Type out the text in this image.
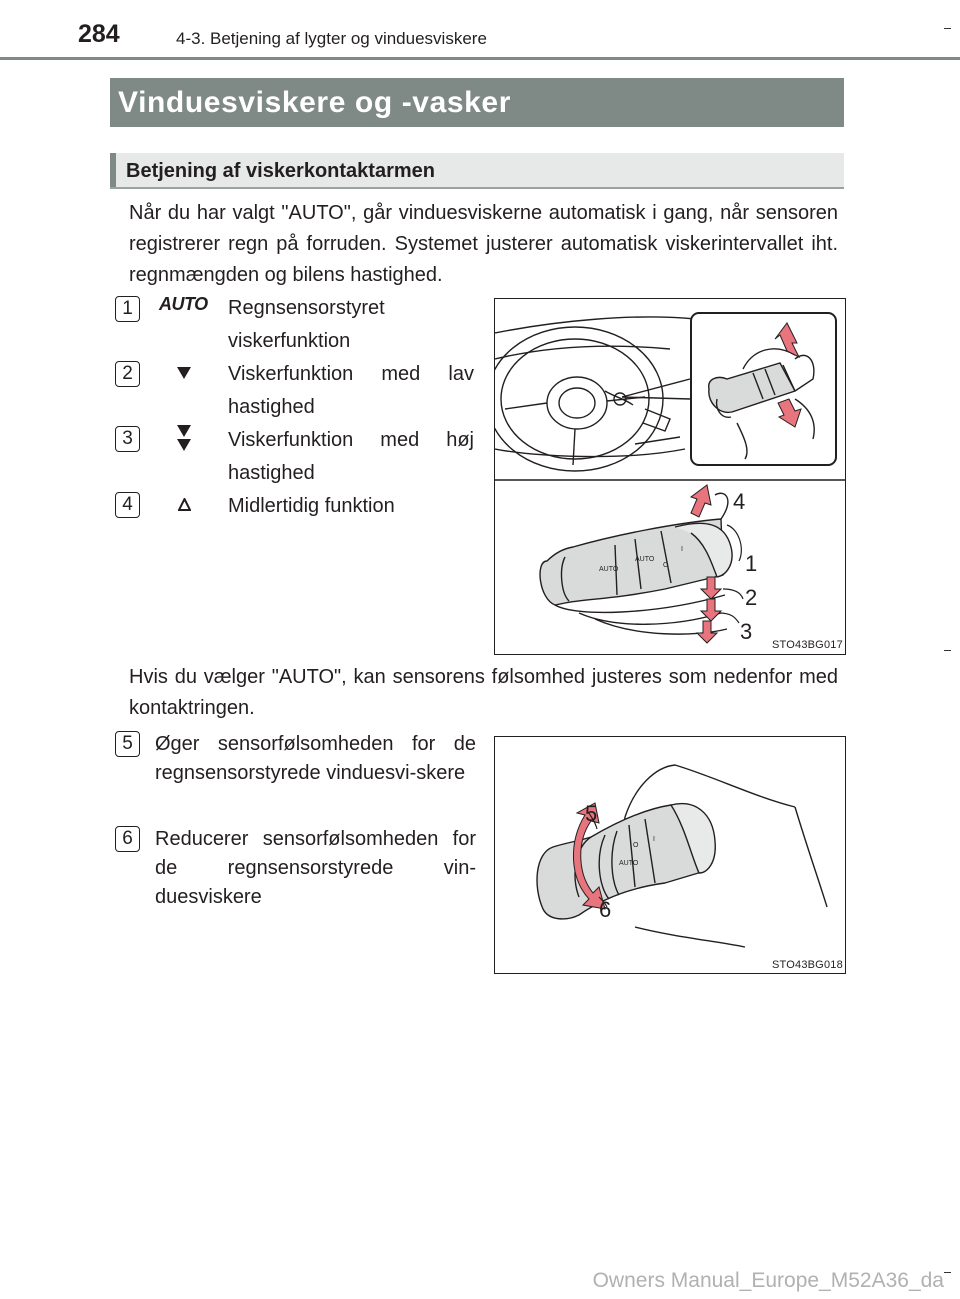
284	4-3. Betjening af lygter og vinduesviskere
Vinduesviskere og -vasker
Betjening af viskerkontaktarmen
Når du har valgt "AUTO", går vinduesviskerne automatisk i gang, når sensoren registrerer regn på forruden. Systemet justerer automatisk viskerintervallet iht. regnmængden og bilens hastighed.
1	AUTO Regnsensorstyret viskerfunktion
2	Viskerfunktion med lav hastighed
3	Viskerfunktion med høj hastighed
4	Midlertidig funktion
AUTO
AUTO
O
I
4
1
2
3
STO43BG017
Hvis du vælger "AUTO", kan sensorens følsomhed justeres som nedenfor med kontaktringen.
5	Øger sensorfølsomheden for de regnsensorstyrede vinduesvi-skere
6	Reducerer sensorfølsomheden for de regnsensorstyrede vin-duesviskere
AUTO
O
I
5
6
STO43BG018
Owners Manual_Europe_M52A36_da
